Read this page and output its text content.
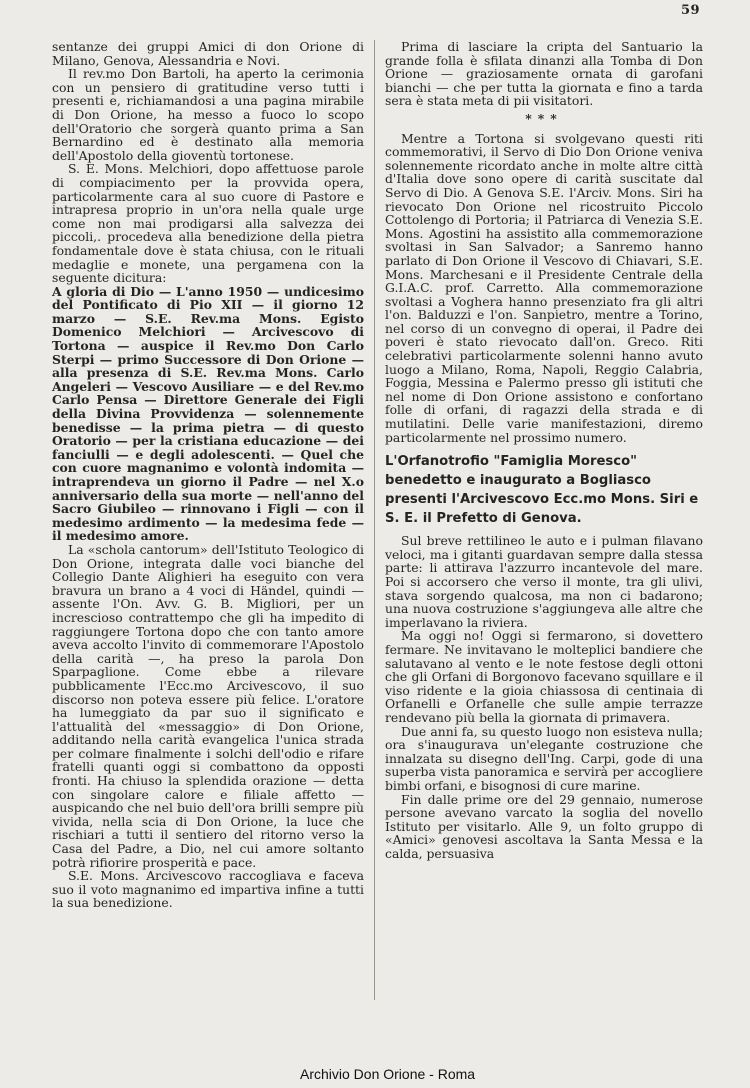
59

sentanze dei gruppi Amici di don Orione di Milano, Genova, Alessandria e Novi.

Il rev.mo Don Bartoli, ha aperto la cerimonia con un pensiero di gratitudine verso tutti i presenti e, richiamandosi a una pagina mirabile di Don Orione, ha messo a fuoco lo scopo dell'Oratorio che sorgerà quanto prima a San Bernardino ed è destinato alla memoria dell'Apostolo della gioventù tortonese.

S. E. Mons. Melchiori, dopo affettuose parole di compiacimento per la provvida opera, particolarmente cara al suo cuore di Pastore e intrapresa proprio in un'ora nella quale urge come non mai prodigarsi alla salvezza dei piccoli,. procedeva alla benedizione della pietra fondamentale dove è stata chiusa, con le rituali medaglie e monete, una pergamena con la seguente dicitura:

A gloria di Dio — L'anno 1950 — undicesimo del Pontificato di Pio XII — il giorno 12 marzo — S.E. Rev.ma Mons. Egisto Domenico Melchiori — Arcivescovo di Tortona — auspice il Rev.mo Don Carlo Sterpi — primo Successore di Don Orione — alla presenza di S.E. Rev.ma Mons. Carlo Angeleri — Vescovo Ausiliare — e del Rev.mo Carlo Pensa — Direttore Generale dei Figli della Divina Provvidenza — solennemente benedisse — la prima pietra — di questo Oratorio — per la cristiana educazione — dei fanciulli — e degli adolescenti. — Quel che con cuore magnanimo e volontà indomita — intraprendeva un giorno il Padre — nel X.o anniversario della sua morte — nell'anno del Sacro Giubileo — rinnovano i Figli — con il medesimo ardimento — la medesima fede — il medesimo amore.

La «schola cantorum» dell'Istituto Teologico di Don Orione, integrata dalle voci bianche del Collegio Dante Alighieri ha eseguito con vera bravura un brano a 4 voci di Händel, quindi — assente l'On. Avv. G. B. Migliori, per un increscioso contrattempo che gli ha impedito di raggiungere Tortona dopo che con tanto amore aveva accolto l'invito di commemorare l'Apostolo della carità —, ha preso la parola Don Sparpaglione. Come ebbe a rilevare pubblicamente l'Ecc.mo Arcivescovo, il suo discorso non poteva essere più felice. L'oratore ha lumeggiato da par suo il significato e l'attualità del «messaggio» di Don Orione, additando nella carità evangelica l'unica strada per colmare finalmente i solchi dell'odio e rifare fratelli quanti oggi si combattono da opposti fronti. Ha chiuso la splendida orazione — detta con singolare calore e filiale affetto — auspicando che nel buio dell'ora brilli sempre più vivida, nella scia di Don Orione, la luce che rischiari a tutti il sentiero del ritorno verso la Casa del Padre, a Dio, nel cui amore soltanto potrà rifiorire prosperità e pace.

S.E. Mons. Arcivescovo raccogliava e faceva suo il voto magnanimo ed impartiva infine a tutti la sua benedizione.

Prima di lasciare la cripta del Santuario la grande folla è sfilata dinanzi alla Tomba di Don Orione — graziosamente ornata di garofani bianchi — che per tutta la giornata e fino a tarda sera è stata meta di pii visitatori.

***

Mentre a Tortona si svolgevano questi riti commemorativi, il Servo di Dio Don Orione veniva solennemente ricordato anche in molte altre città d'Italia dove sono opere di carità suscitate dal Servo di Dio. A Genova S.E. l'Arciv. Mons. Siri ha rievocato Don Orione nel ricostruito Piccolo Cottolengo di Portoria; il Patriarca di Venezia S.E. Mons. Agostini ha assistito alla commemorazione svoltasi in San Salvador; a Sanremo hanno parlato di Don Orione il Vescovo di Chiavari, S.E. Mons. Marchesani e il Presidente Centrale della G.I.A.C. prof. Carretto. Alla commemorazione svoltasi a Voghera hanno presenziato fra gli altri l'on. Balduzzi e l'on. Sanpietro, mentre a Torino, nel corso di un convegno di operai, il Padre dei poveri è stato rievocato dall'on. Greco. Riti celebrativi particolarmente solenni hanno avuto luogo a Milano, Roma, Napoli, Reggio Calabria, Foggia, Messina e Palermo presso gli istituti che nel nome di Don Orione assistono e confortano folle di orfani, di ragazzi della strada e di mutilatini. Delle varie manifestazioni, diremo particolarmente nel prossimo numero.

L'Orfanotrofio "Famiglia Moresco" benedetto e inaugurato a Bogliasco presenti l'Arcivescovo Ecc.mo Mons. Siri e S. E. il Prefetto di Genova.

Sul breve rettilineo le auto e i pulman filavano veloci, ma i gitanti guardavan sempre dalla stessa parte: li attirava l'azzurro incantevole del mare. Poi si accorsero che verso il monte, tra gli ulivi, stava sorgendo qualcosa, ma non ci badarono; una nuova costruzione s'aggiungeva alle altre che imperlavano la riviera.

Ma oggi no! Oggi si fermarono, si dovettero fermare. Ne invitavano le molteplici bandiere che salutavano al vento e le note festose degli ottoni che gli Orfani di Borgonovo facevano squillare e il viso ridente e la gioia chiassosa di centinaia di Orfanelli e Orfanelle che sulle ampie terrazze rendevano più bella la giornata di primavera.

Due anni fa, su questo luogo non esisteva nulla; ora s'inaugurava un'elegante costruzione che innalzata su disegno dell'Ing. Carpi, gode di una superba vista panoramica e servirà per accogliere bimbi orfani, e bisognosi di cure marine.

Fin dalle prime ore del 29 gennaio, numerose persone avevano varcato la soglia del novello Istituto per visitarlo. Alle 9, un folto gruppo di «Amici» genovesi ascoltava la Santa Messa e la calda, persuasiva

Archivio Don Orione - Roma
